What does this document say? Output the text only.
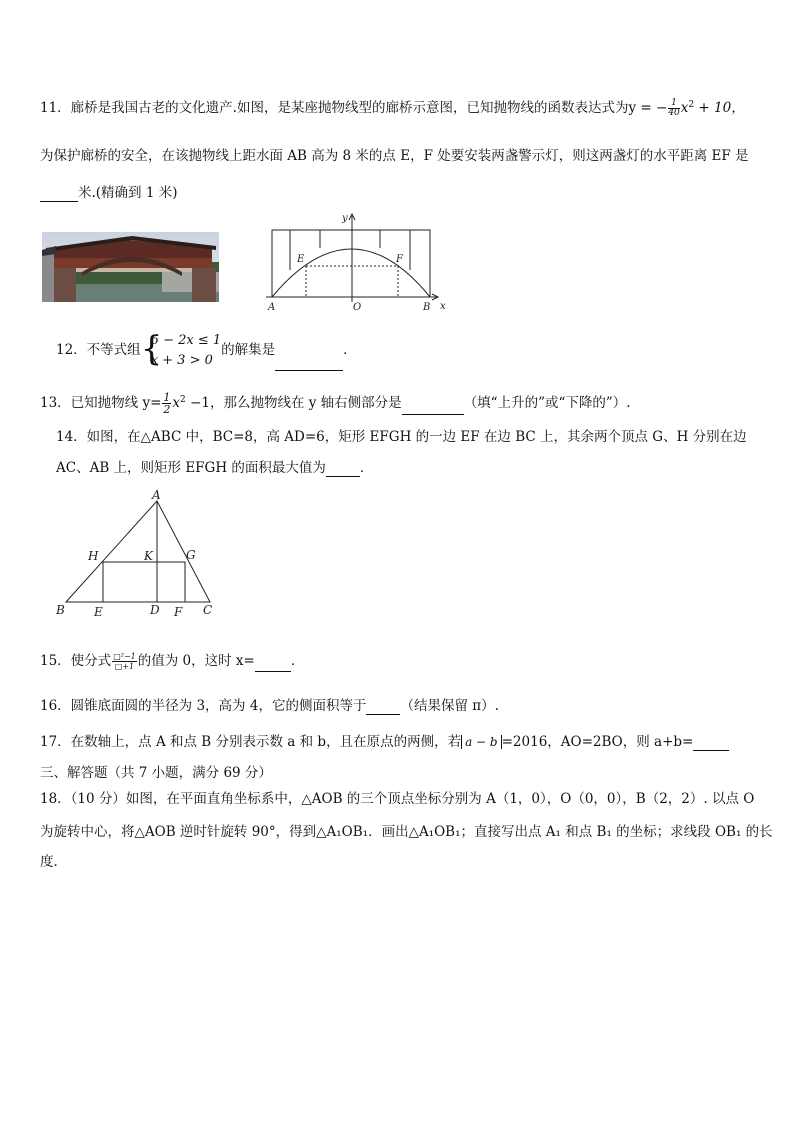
11．廊桥是我国古老的文化遗产.如图，是某座抛物线型的廊桥示意图，已知抛物线的函数表达式为y = − $\frac{1}{40} x^2 + 10$，
为保护廊桥的安全，在该抛物线上距水面 AB 高为 8 米的点 E，F 处要安装两盏警示灯，则这两盏灯的水平距离 EF 是
米.(精确到 1 米)
y
x
E	F
A	O	B
12．不等式组 {
5 − 2x ≤ 1
x + 3 > 0
的解集是	．
13．已知抛物线 $y= \frac{1}{2} x^2 -1$，那么抛物线在 y 轴右侧部分是	（填“上升的”或“下降的”）.
14．如图，在△ABC 中，BC=8，高 AD=6，矩形 EFGH 的一边 EF 在边 BC 上，其余两个顶点 G、H 分别在边
AC、AB 上，则矩形 EFGH 的面积最大值为	．
A
H	K	G
B E	D F C
15．使分式 $\frac{\text{□²−1}}{□+1}$ 的值为 0，这时 x=	．
16．圆锥底面圆的半径为 3，高为 4，它的侧面积等于	（结果保留 π）.
17．在数轴上，点 A 和点 B 分别表示数 a 和 b，且在原点的两侧，若 a − b =2016，AO=2BO，则 a+b=
三、解答题（共 7 小题，满分 69 分）
18．（10 分）如图，在平面直角坐标系中，△AOB 的三个顶点坐标分别为 A（1，0），O（0，0），B（2，2）. 以点 O
为旋转中心，将△AOB 逆时针旋转 90°，得到△A₁OB₁．画出△A₁OB₁；直接写出点 A₁ 和点 B₁ 的坐标；求线段 OB₁ 的长
度.
